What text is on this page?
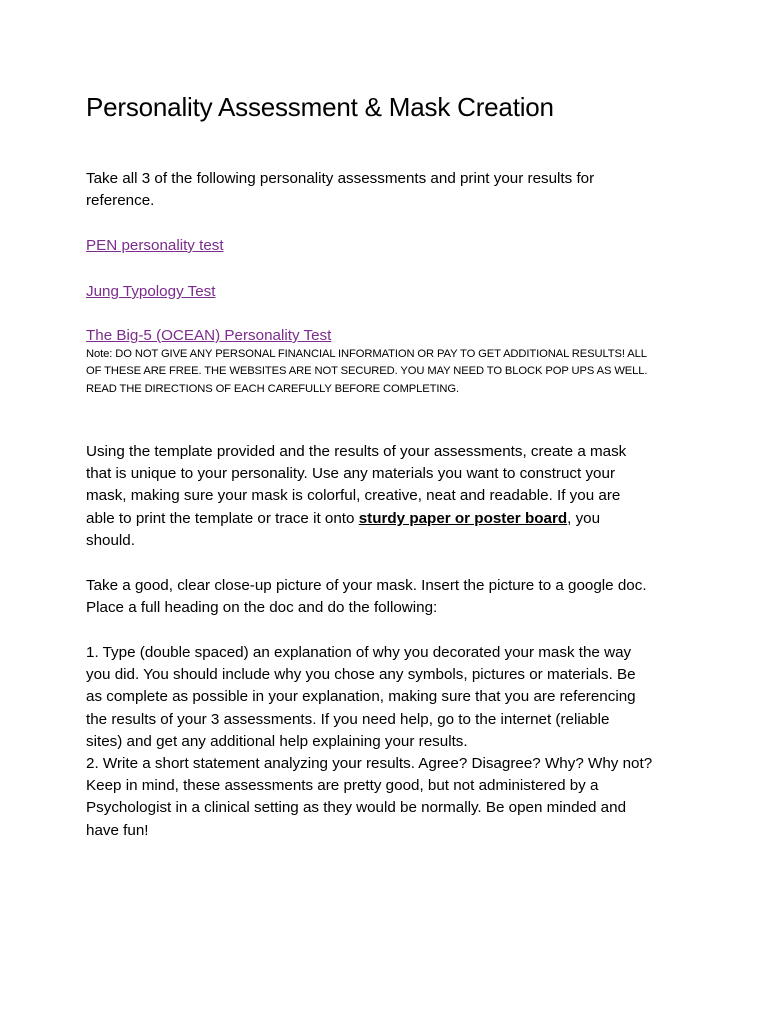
Personality Assessment & Mask Creation

Take all 3 of the following personality assessments and print your results for
reference.

PEN personality test
Jung Typology Test
The Big-5 (OCEAN) Personality Test

Note: DO NOT GIVE ANY PERSONAL FINANCIAL INFORMATION OR PAY TO GET ADDITIONAL RESULTS! ALL
OF THESE ARE FREE. THE WEBSITES ARE NOT SECURED. YOU MAY NEED TO BLOCK POP UPS AS WELL.
READ THE DIRECTIONS OF EACH CAREFULLY BEFORE COMPLETING.

Using the template provided and the results of your assessments, create a mask
that is unique to your personality. Use any materials you want to construct your
mask, making sure your mask is colorful, creative, neat and readable. If you are
able to print the template or trace it onto sturdy paper or poster board, you
should.

Take a good, clear close-up picture of your mask. Insert the picture to a google doc.
Place a full heading on the doc and do the following:

1. Type (double spaced) an explanation of why you decorated your mask the way
you did. You should include why you chose any symbols, pictures or materials. Be
as complete as possible in your explanation, making sure that you are referencing
the results of your 3 assessments. If you need help, go to the internet (reliable
sites) and get any additional help explaining your results.
2. Write a short statement analyzing your results. Agree? Disagree? Why? Why not?
Keep in mind, these assessments are pretty good, but not administered by a
Psychologist in a clinical setting as they would be normally. Be open minded and
have fun!
